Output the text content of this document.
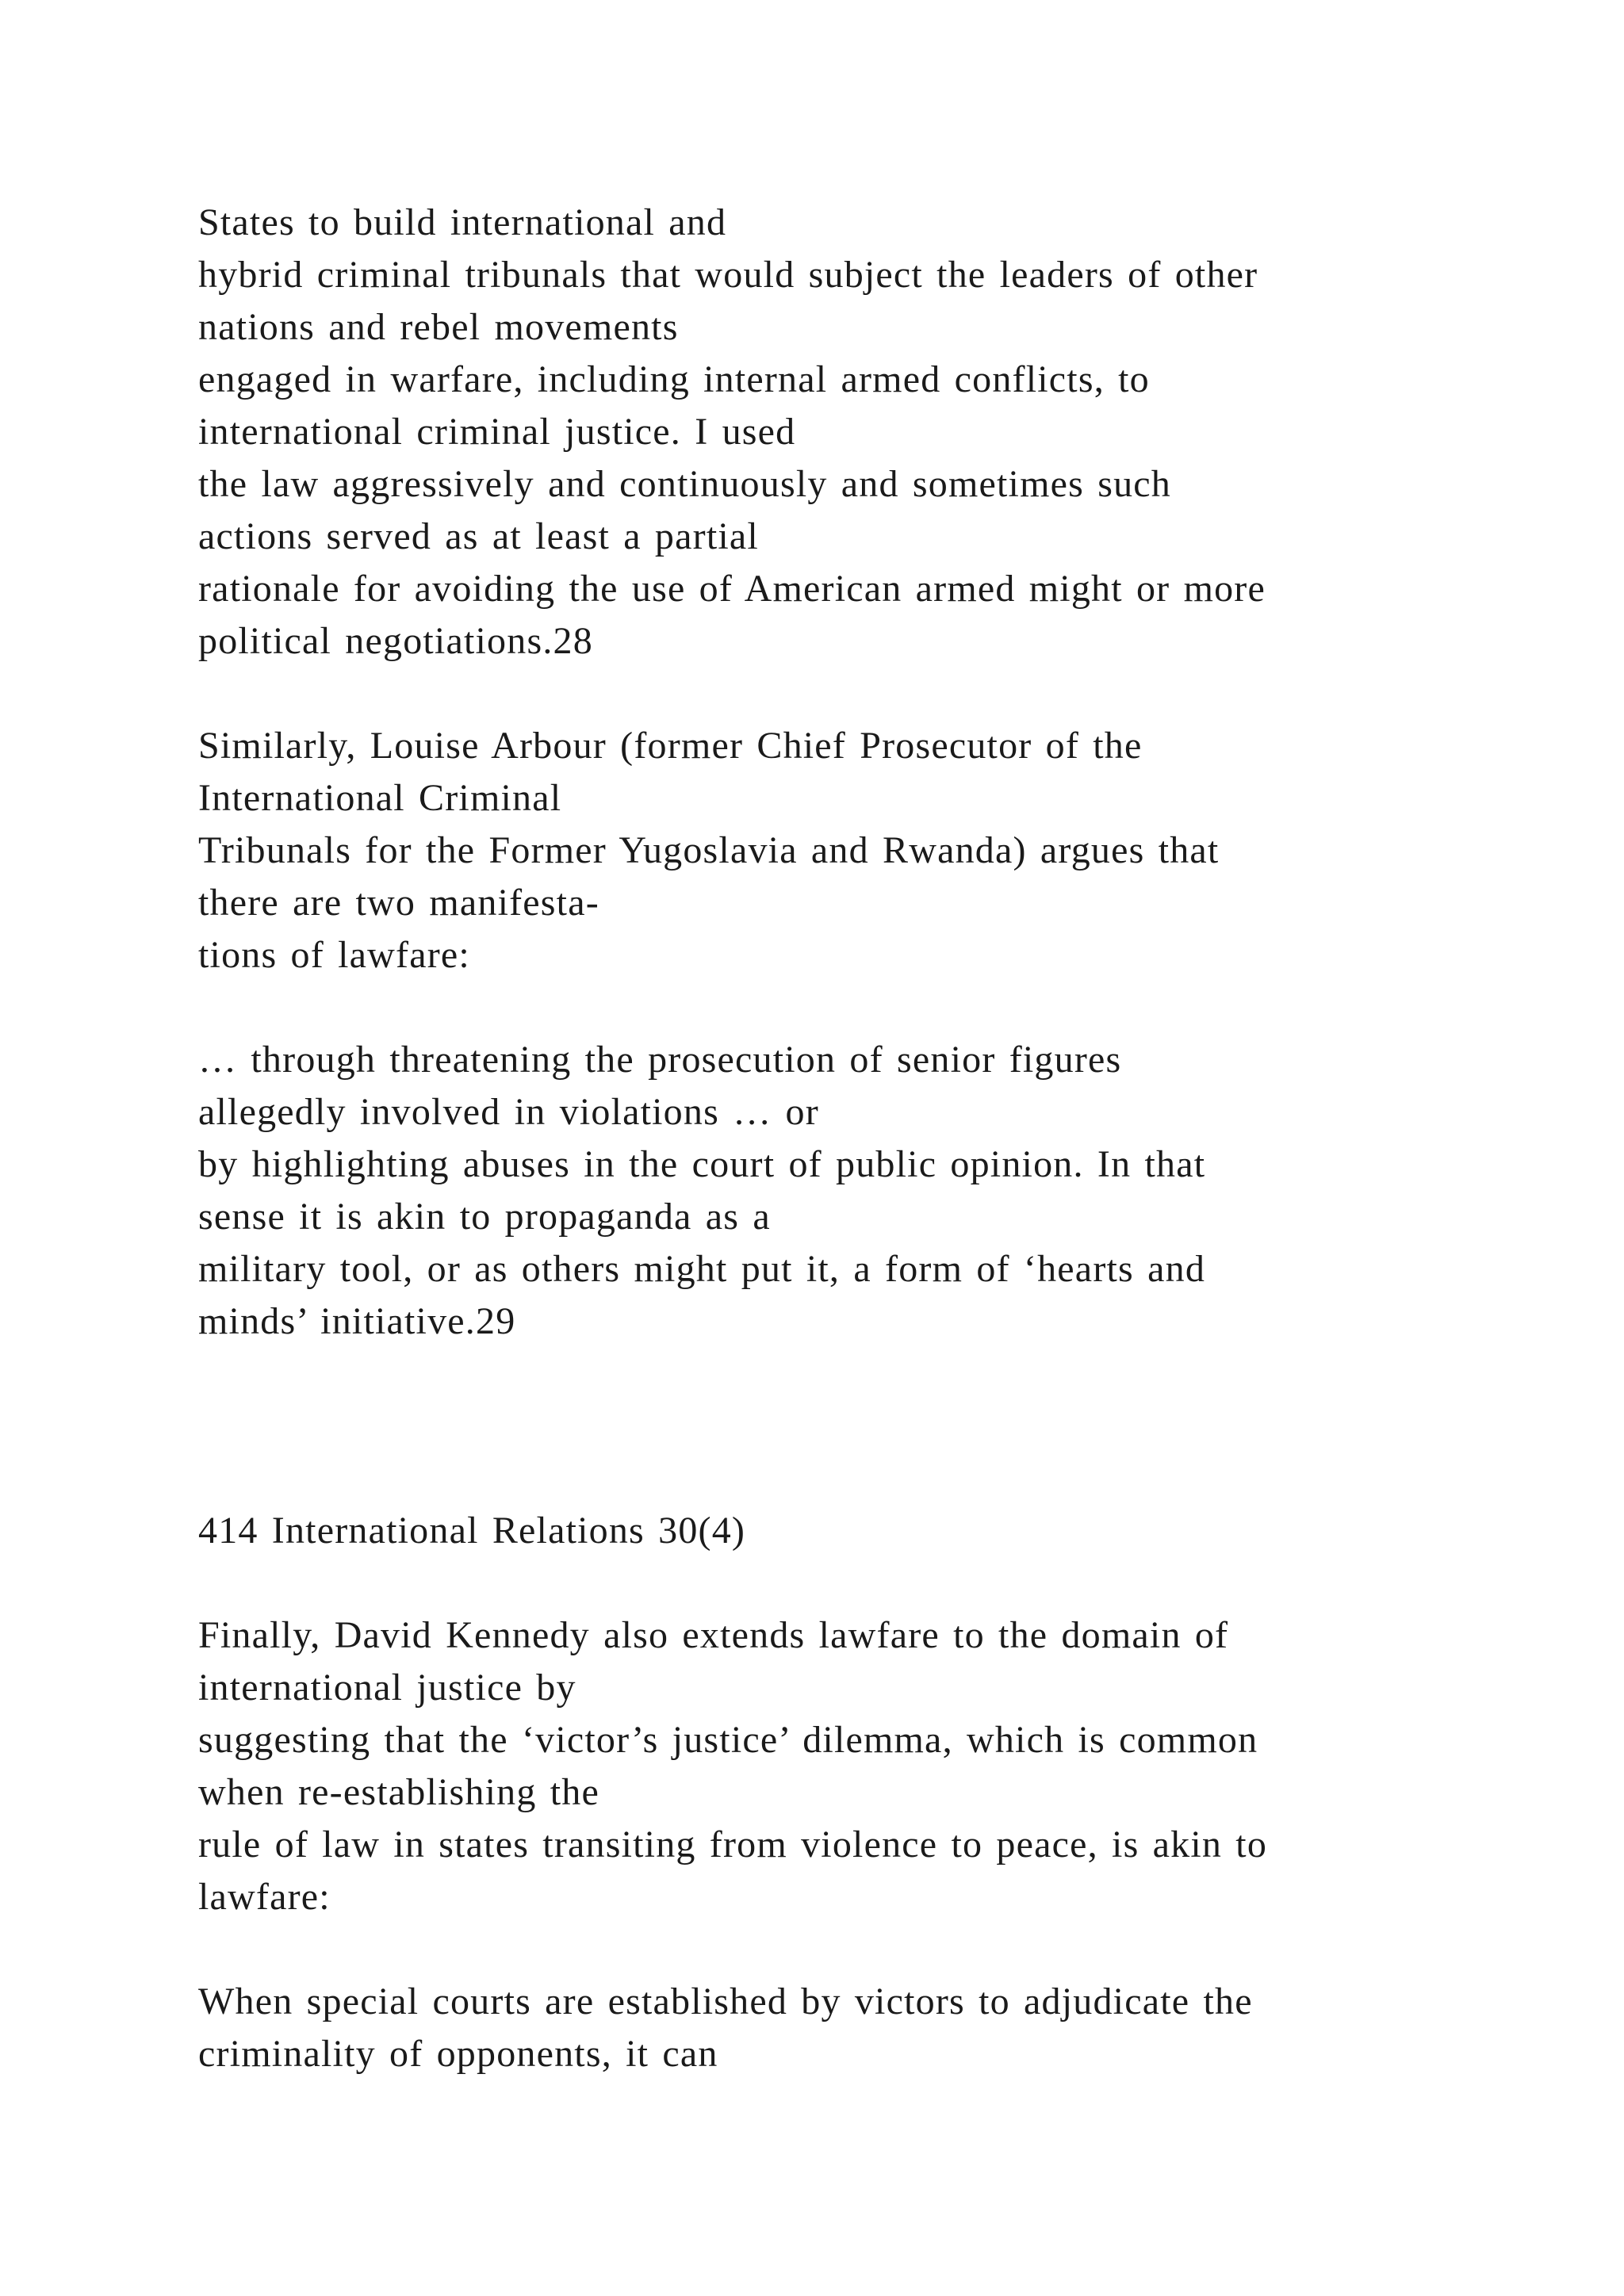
States to build international and
hybrid criminal tribunals that would subject the leaders of other
nations and rebel movements
engaged in warfare, including internal armed conflicts, to
international criminal justice. I used
the law aggressively and continuously and sometimes such
actions served as at least a partial
rationale for avoiding the use of American armed might or more
political negotiations.28
Similarly, Louise Arbour (former Chief Prosecutor of the
International Criminal
Tribunals for the Former Yugoslavia and Rwanda) argues that
there are two manifesta-
tions of lawfare:
… through threatening the prosecution of senior figures
allegedly involved in violations … or
by highlighting abuses in the court of public opinion. In that
sense it is akin to propaganda as a
military tool, or as others might put it, a form of ‘hearts and
minds’ initiative.29
414 International Relations 30(4)
Finally, David Kennedy also extends lawfare to the domain of
international justice by
suggesting that the ‘victor’s justice’ dilemma, which is common
when re-establishing the
rule of law in states transiting from violence to peace, is akin to
lawfare:
When special courts are established by victors to adjudicate the
criminality of opponents, it can
